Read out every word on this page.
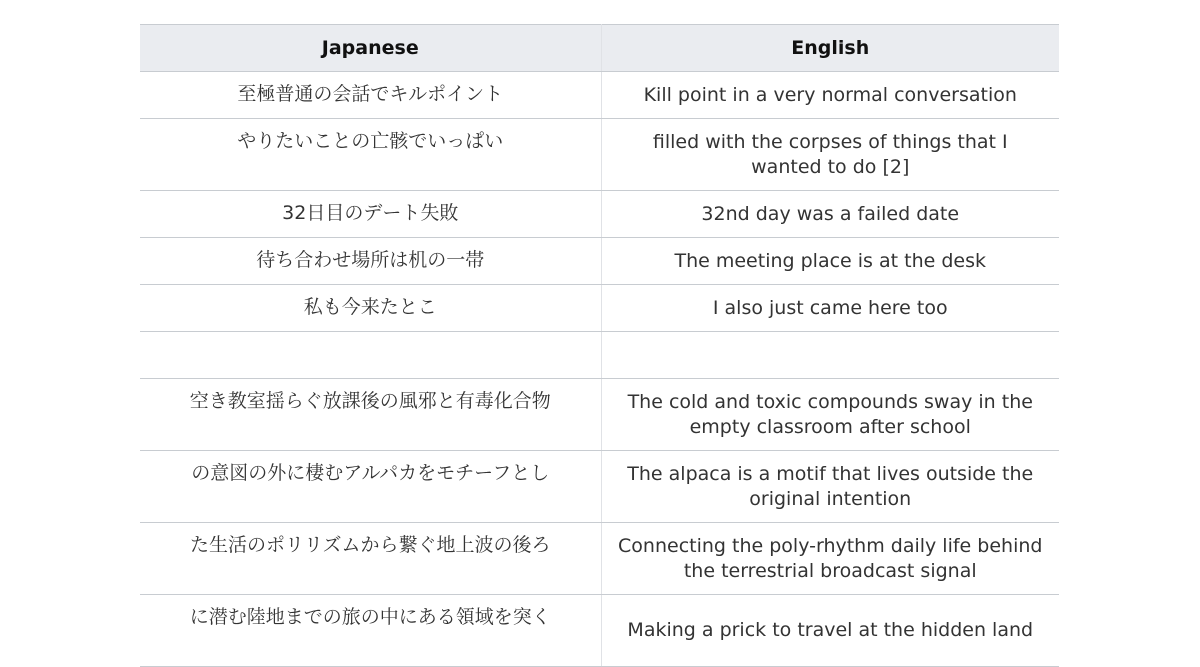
Japanese	English
至極普通の会話でキルポイント	Kill point in a very normal conversation
やりたいことの亡骸でいっぱい	filled with the corpses of things that I wanted to do [2]
32日目のデート失敗	32nd day was a failed date
待ち合わせ場所は机の一帯	The meeting place is at the desk
私も今来たとこ	I also just came here too

空き教室揺らぐ放課後の風邪と有毒化合物	The cold and toxic compounds sway in the empty classroom after school
の意図の外に棲むアルパカをモチーフとし	The alpaca is a motif that lives outside the original intention
た生活のポリリズムから繋ぐ地上波の後ろ	Connecting the poly-rhythm daily life behind the terrestrial broadcast signal
に潜む陸地までの旅の中にある領域を突く	Making a prick to travel at the hidden land
